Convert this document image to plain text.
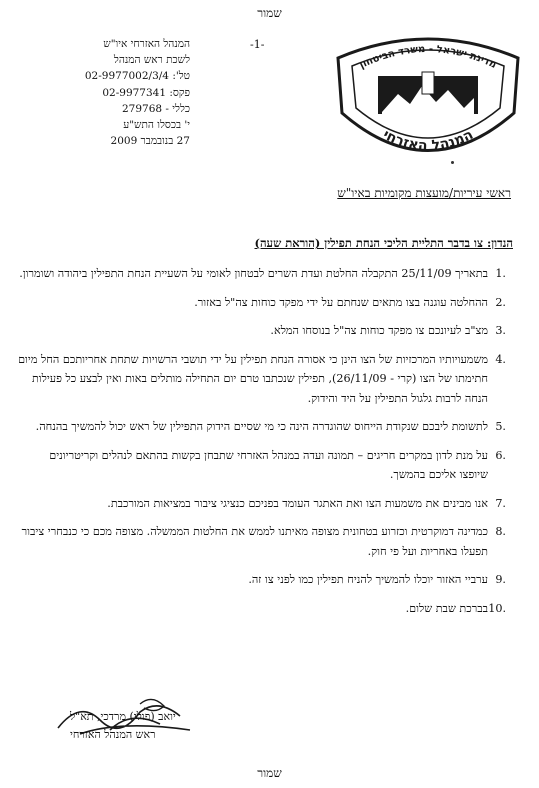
שמור
-1-
המנהל האזרחי איו"ש
לשכת ראש המנהל
טל': 02-9977002/3/4
פקס: 02-9977341
כללי - 279768
י' בכסלו התש"ע
27 בנובמבר 2009
מדינת ישראל - משרד הביטחון
המנהל האזרחי
ראשי עיריות/מועצות מקומיות באיו"ש
הנדון: צו בדבר התליית הליכי הנחת תפילין (הוראת שעה)
1.
בתאריך 25/11/09 התקבלה החלטת ועדת השרים לבטחון לאומי על השעיית הנחת התפילין ביהודה ושומרון.
2.
ההחלטה עוגנה בצו מתאים שנחתם על ידי מפקד כוחות צה"ל באזור.
3.
מצ"ב לעיונכם צו מפקד כוחות צה"ל בנוסחו המלא.
4.
משמעויותיו המרכזיות של הצו הינן כי אסורה הנחת תפילין על ידי תושבי הרשויות שתחת אחריותכם החל מיום חתימתו של הצו (קרי - 26/11/09), תפילין שנכתבו טרם יום התחילה מותלים באות ואין לבצע כל פעילות הנחה לרבות גלגול התפילין על היד והידוק.
5.
לתשומת ליבכם שנקודת הייחוס שהוגדרה הינה כי מי שסיים הידוק התפילין של ראש יכול להמשיך בהנחה.
6.
על מנת לדון במקרים חריגים – תמונה ועדה במנהל האזרחי שתבחן בקשות בהתאם לנהלים וקריטריונים שיופצו אליכם בהמשך.
7.
אנו מבינים את משמעות הצו ואת האתגר העומד בפניכם כנציגי ציבור במציאות המורכבת.
8.
כמדינה דמוקרטית וכזרוע בטחונית מצופה מאיתנו לממש את החלטות הממשלה. מצופה מכם כי כנבחרי ציבור תפעלו באחריות ועל פי חוק.
9.
ערביי האזור יוכלו להמשיך להניח תפילין כמו לפני צו זה.
10.
בברכת שבת שלום.
יואב (פולי) מרדכי, תא"ל
ראש המנהל האזרחי
שמור
